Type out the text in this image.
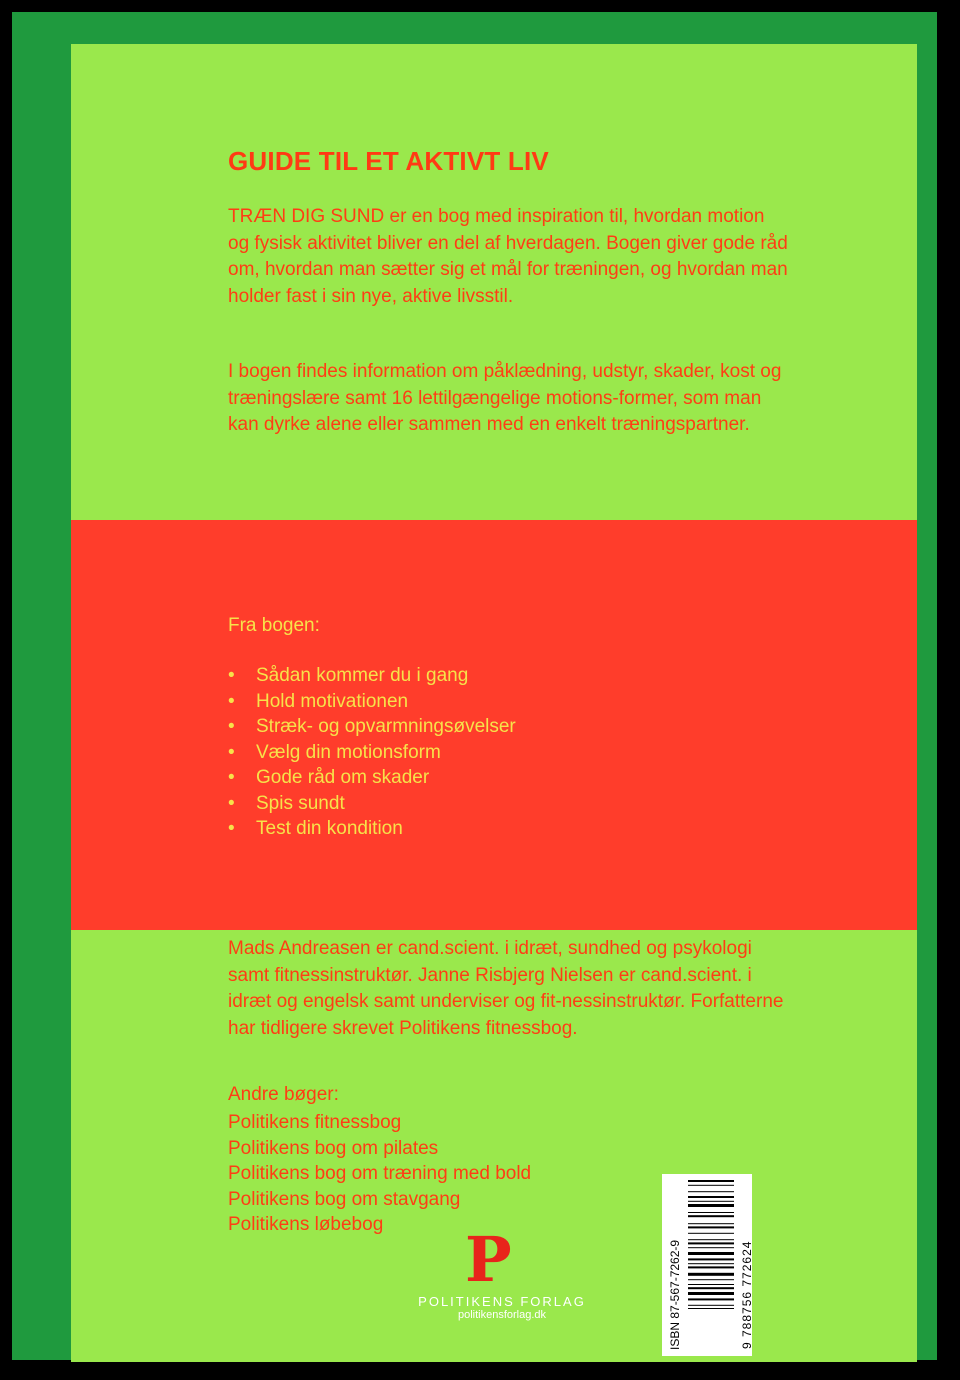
GUIDE TIL ET AKTIVT LIV
TRÆN DIG SUND er en bog med inspiration til, hvordan motion og fysisk aktivitet bliver en del af hverdagen. Bogen giver gode råd om, hvordan man sætter sig et mål for træningen, og hvordan man holder fast i sin nye, aktive livsstil.
I bogen findes information om påklædning, udstyr, skader, kost og træningslære samt 16 lettilgængelige motions-former, som man kan dyrke alene eller sammen med en enkelt træningspartner.
Fra bogen:
• Sådan kommer du i gang
• Hold motivationen
• Stræk- og opvarmningsøvelser
• Vælg din motionsform
• Gode råd om skader
• Spis sundt
• Test din kondition
Mads Andreasen er cand.scient. i idræt, sundhed og psykologi samt fitnessinstruktør. Janne Risbjerg Nielsen er cand.scient. i idræt og engelsk samt underviser og fit-nessinstruktør. Forfatterne har tidligere skrevet Politikens fitnessbog.
Andre bøger:
Politikens fitnessbog
Politikens bog om pilates
Politikens bog om træning med bold
Politikens bog om stavgang
Politikens løbebog	P
POLITIKENS FORLAG
politikensforlag.dk	ISBN 87-567-7262-9	9 788756 772624
